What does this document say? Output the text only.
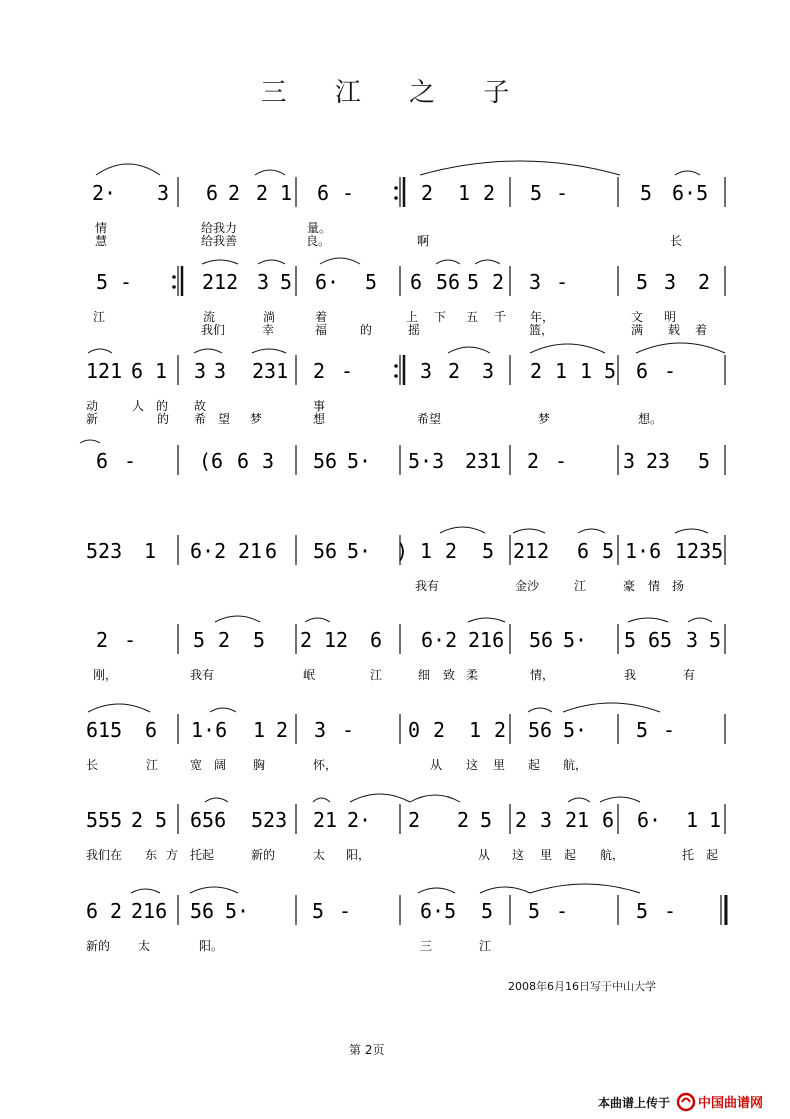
三 江 之 子
2· 3 6 2 2 1 6 -	2 1 2 5 -	5 6·5
情	给我力	量。
慧	给我善	良。	啊	长
5 -	212 3 5 6· 5 6 56 5 2 3 -	5 3 2
江	流	淌	着	上 下 五 千 年，	文 明
我们	幸	福	的	摇	篮，	满 载 着
121 6 1 3 3 231 2 -	3 2 3 2 1 1 5 6 -
动	人 的 故	事
新	的 希 望 梦	想	希望	梦	想。
6 -	(6 6 3 56 5· 5·3 231 2 -	3 23 5
523 1 6·2 21 6 56 5· ) 1 2 5 212 6 5 1·6 1235
我有	金沙	江	豪 情 扬
2 -	5 2 5 2 12 6 6·2 216 56 5· 5 65 3 5
刚，	我有	岷	江	细 致 柔	情，	我	有
615 6 1·6 1 2 3 -	0 2 1 2 56 5· 5 -
长	江	宽 阔 胸	怀，	从 这 里 起 航，
555 2 5 656 523 21 2· 2 2 5 2 3 21 6 6· 1 1
我们在 东 方 托起	新的	太 阳，	从 这 里 起 航，	托 起
6 2 216 56 5·	5 -	6·5 5 5 -	5 -
新的 太	阳。	三	江
2008年6月16日写于中山大学
第 2页
本曲谱上传于 中国曲谱网
